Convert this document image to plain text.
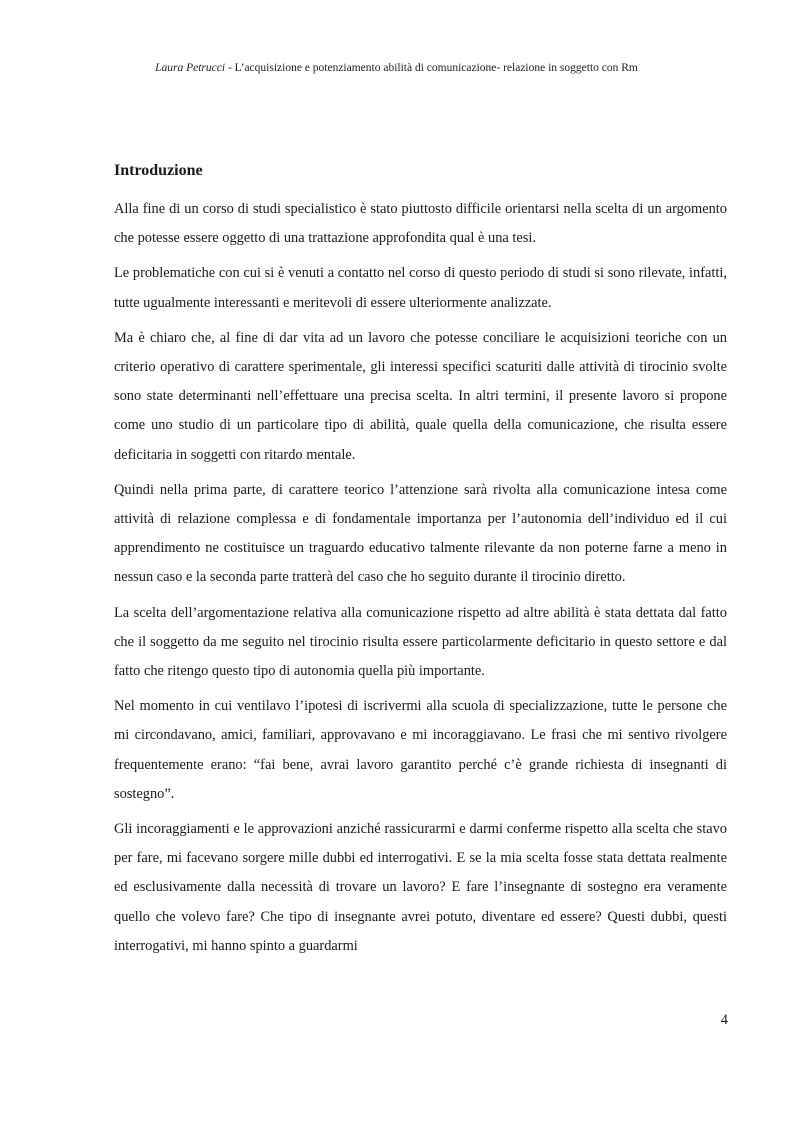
Laura Petrucci - L’acquisizione e potenziamento abilità di comunicazione- relazione in soggetto con Rm
Introduzione

Alla fine di un corso di studi specialistico è stato piuttosto difficile orientarsi nella scelta di un argomento che potesse essere oggetto di una trattazione approfondita qual è una tesi.

Le problematiche con cui si è venuti a contatto nel corso di questo periodo di studi si sono rilevate, infatti, tutte ugualmente interessanti e meritevoli di essere ulteriormente analizzate.

Ma è chiaro che, al fine di dar vita ad un lavoro che potesse conciliare le acquisizioni teoriche con un criterio operativo di carattere sperimentale, gli interessi specifici scaturiti dalle attività di tirocinio svolte sono state determinanti nell’effettuare una precisa scelta. In altri termini, il presente lavoro si propone come uno studio di un particolare tipo di abilità, quale quella della comunicazione, che risulta essere deficitaria in soggetti con ritardo mentale.

Quindi nella prima parte, di carattere teorico l’attenzione sarà rivolta alla comunicazione intesa come attività di relazione complessa e di fondamentale importanza per l’autonomia dell’individuo ed il cui apprendimento ne costituisce un traguardo educativo talmente rilevante da non poterne farne a meno in nessun caso e la seconda parte tratterà del caso che ho seguito durante il tirocinio diretto.

La scelta dell’argomentazione relativa alla comunicazione rispetto ad altre abilità è stata dettata dal fatto che il soggetto da me seguito nel tirocinio risulta essere particolarmente deficitario in questo settore e dal fatto che ritengo questo tipo di autonomia quella più importante.

Nel momento in cui ventilavo l’ipotesi di iscrivermi alla scuola di specializzazione, tutte le persone che mi circondavano, amici, familiari, approvavano e mi incoraggiavano. Le frasi che mi sentivo rivolgere frequentemente erano: “fai bene, avrai lavoro garantito perché c’è grande richiesta di insegnanti di sostegno”.

Gli incoraggiamenti e le approvazioni anziché rassicurarmi e darmi conferme rispetto alla scelta che stavo per fare, mi facevano sorgere mille dubbi ed interrogativi. E se la mia scelta fosse stata dettata realmente ed esclusivamente dalla necessità di trovare un lavoro? E fare l’insegnante di sostegno era veramente quello che volevo fare? Che tipo di insegnante avrei potuto, diventare ed essere? Questi dubbi, questi interrogativi, mi hanno spinto a guardarmi

4
